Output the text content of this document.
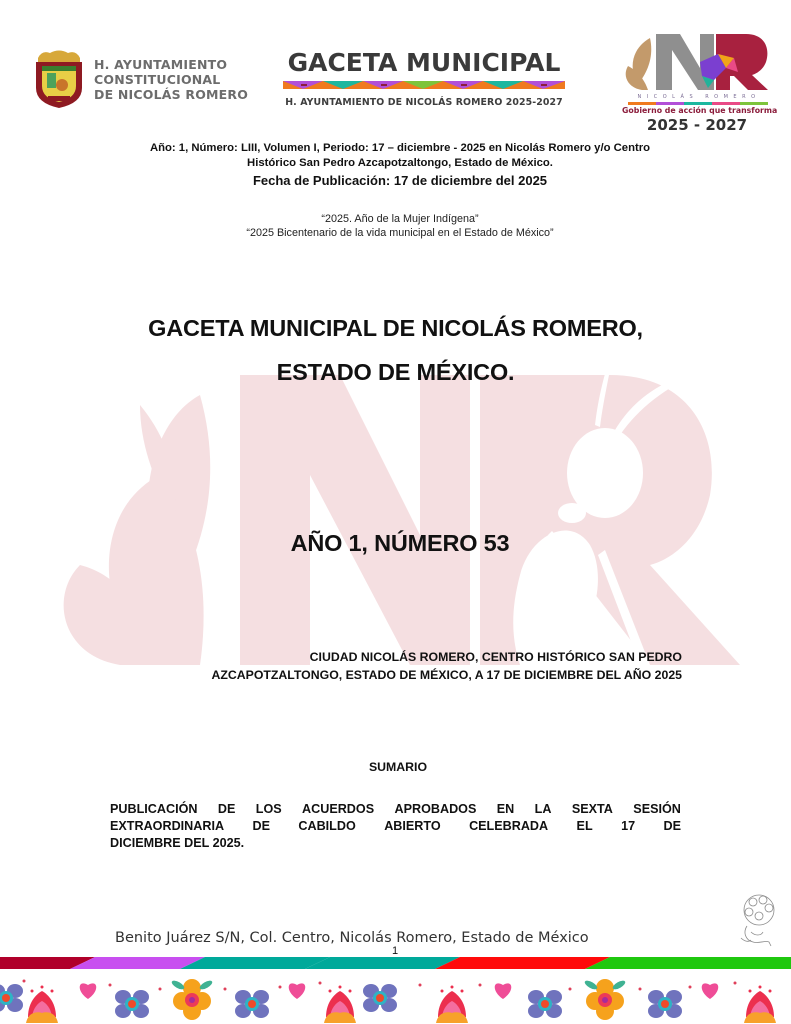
H. AYUNTAMIENTO
CONSTITUCIONAL
DE NICOLÁS ROMERO
GACETA MUNICIPAL
H. AYUNTAMIENTO DE NICOLÁS ROMERO 2025-2027	NICOLÁS ROMERO
Gobierno de acción que transforma
2025 - 2027
Año: 1, Número: LIII, Volumen I, Periodo: 17 – diciembre - 2025 en Nicolás Romero y/o Centro
Histórico San Pedro Azcapotzaltongo, Estado de México.
Fecha de Publicación: 17 de diciembre del 2025
“2025. Año de la Mujer Indígena”
“2025 Bicentenario de la vida municipal en el Estado de México”
GACETA MUNICIPAL DE NICOLÁS ROMERO,
ESTADO DE MÉXICO.
AÑO 1, NÚMERO 53
CIUDAD NICOLÁS ROMERO, CENTRO HISTÓRICO SAN PEDRO
AZCAPOTZALTONGO, ESTADO DE MÉXICO, A 17 DE DICIEMBRE DEL AÑO 2025
SUMARIO
PUBLICACIÓN DE LOS ACUERDOS APROBADOS EN LA SEXTA SESIÓN
EXTRAORDINARIA DE CABILDO ABIERTO CELEBRADA EL 17 DE
DICIEMBRE DEL 2025.
Benito Juárez S/N, Col. Centro, Nicolás Romero, Estado de México
1
